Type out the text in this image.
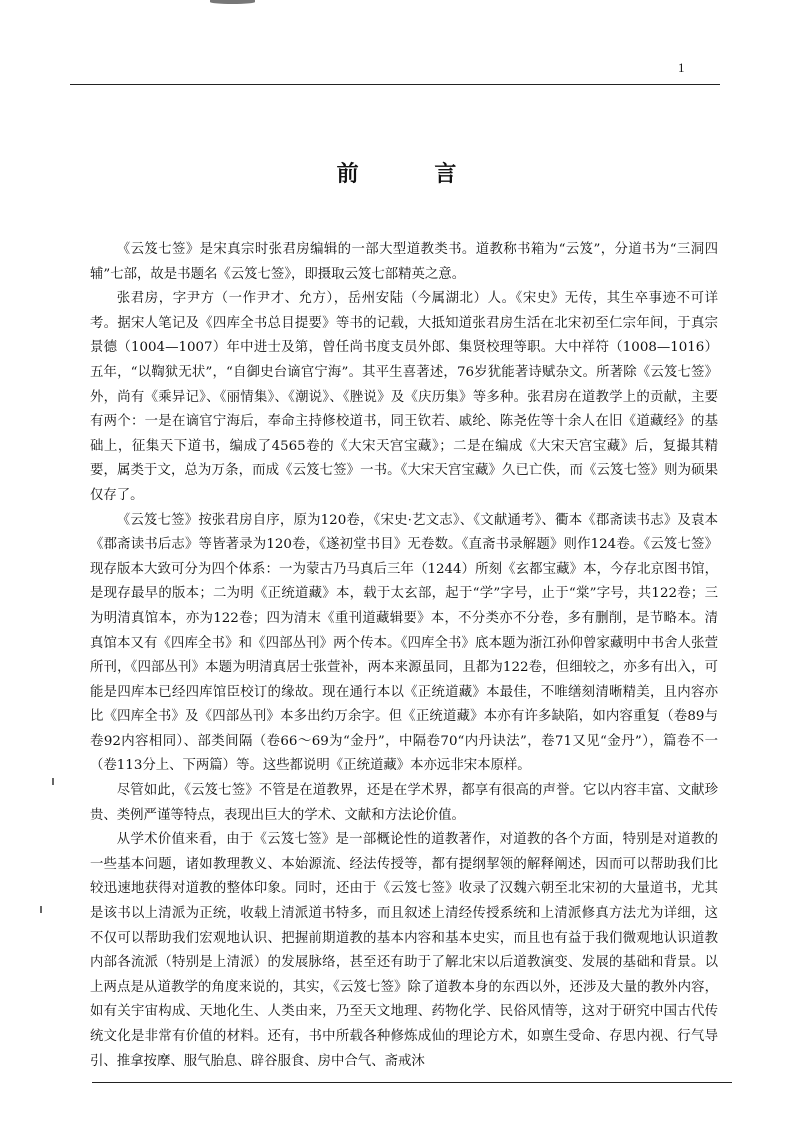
1
前 言

《云笈七签》是宋真宗时张君房编辑的一部大型道教类书。道教称书箱为“云笈”，分道书为“三洞四辅”七部，故是书题名《云笈七签》，即摄取云笈七部精英之意。

张君房，字尹方（一作尹才、允方），岳州安陆（今属湖北）人。《宋史》无传，其生卒事迹不可详考。据宋人笔记及《四库全书总目提要》等书的记载，大抵知道张君房生活在北宋初至仁宗年间，于真宗景德（1004—1007）年中进士及第，曾任尚书度支员外郎、集贤校理等职。大中祥符（1008—1016）五年，“以鞫狱无状”，“自御史台谪官宁海”。其平生喜著述，76岁犹能著诗赋杂文。所著除《云笈七签》外，尚有《乘异记》、《丽情集》、《潮说》、《脞说》及《庆历集》等多种。张君房在道教学上的贡献，主要有两个：一是在谪官宁海后，奉命主持修校道书，同王钦若、戚纶、陈尧佐等十余人在旧《道藏经》的基础上，征集天下道书，编成了4565卷的《大宋天宫宝藏》；二是在编成《大宋天宫宝藏》后，复撮其精要，属类于文，总为万条，而成《云笈七签》一书。《大宋天宫宝藏》久已亡佚，而《云笈七签》则为硕果仅存了。

《云笈七签》按张君房自序，原为120卷，《宋史·艺文志》、《文献通考》、衢本《郡斋读书志》及袁本《郡斋读书后志》等皆著录为120卷，《遂初堂书目》无卷数。《直斋书录解题》则作124卷。《云笈七签》现存版本大致可分为四个体系：一为蒙古乃马真后三年（1244）所刻《玄都宝藏》本，今存北京图书馆，是现存最早的版本；二为明《正统道藏》本，载于太玄部，起于“学”字号，止于“棠”字号，共122卷；三为明清真馆本，亦为122卷；四为清末《重刊道藏辑要》本，不分类亦不分卷，多有删削，是节略本。清真馆本又有《四库全书》和《四部丛刊》两个传本。《四库全书》底本题为浙江孙仰曾家藏明中书舍人张萱所刊，《四部丛刊》本题为明清真居士张萱补，两本来源虽同，且都为122卷，但细较之，亦多有出入，可能是四库本已经四库馆臣校订的缘故。现在通行本以《正统道藏》本最佳，不唯缮刻清晰精美，且内容亦比《四库全书》及《四部丛刊》本多出约万余字。但《正统道藏》本亦有许多缺陷，如内容重复（卷89与卷92内容相同）、部类间隔（卷66～69为“金丹”，中隔卷70“内丹诀法”，卷71又见“金丹”），篇卷不一（卷113分上、下两篇）等。这些都说明《正统道藏》本亦远非宋本原样。

尽管如此，《云笈七签》不管是在道教界，还是在学术界，都享有很高的声誉。它以内容丰富、文献珍贵、类例严谨等特点，表现出巨大的学术、文献和方法论价值。

从学术价值来看，由于《云笈七签》是一部概论性的道教著作，对道教的各个方面，特别是对道教的一些基本问题，诸如教理教义、本始源流、经法传授等，都有提纲挈领的解释阐述，因而可以帮助我们比较迅速地获得对道教的整体印象。同时，还由于《云笈七签》收录了汉魏六朝至北宋初的大量道书，尤其是该书以上清派为正统，收载上清派道书特多，而且叙述上清经传授系统和上清派修真方法尤为详细，这不仅可以帮助我们宏观地认识、把握前期道教的基本内容和基本史实，而且也有益于我们微观地认识道教内部各流派（特别是上清派）的发展脉络，甚至还有助于了解北宋以后道教演变、发展的基础和背景。以上两点是从道教学的角度来说的，其实，《云笈七签》除了道教本身的东西以外，还涉及大量的教外内容，如有关宇宙构成、天地化生、人类由来，乃至天文地理、药物化学、民俗风情等，这对于研究中国古代传统文化是非常有价值的材料。还有，书中所载各种修炼成仙的理论方术，如禀生受命、存思内视、行气导引、推拿按摩、服气胎息、辟谷服食、房中合气、斋戒沐
